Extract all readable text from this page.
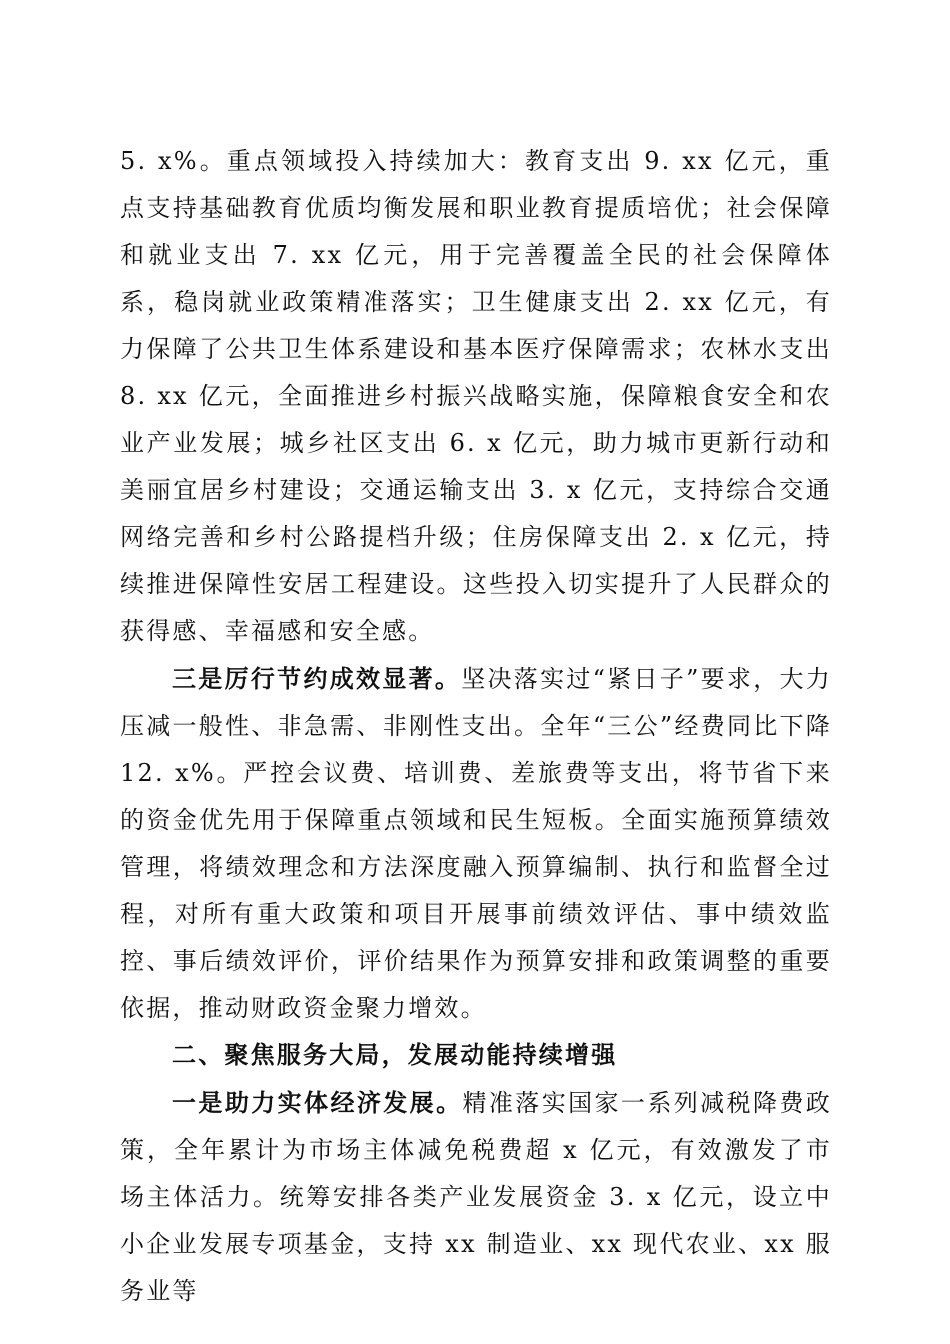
5. x%。重点领域投入持续加大：教育支出 9. xx 亿元，重点支持基础教育优质均衡发展和职业教育提质培优；社会保障和就业支出 7. xx 亿元，用于完善覆盖全民的社会保障体系，稳岗就业政策精准落实；卫生健康支出 2. xx 亿元，有力保障了公共卫生体系建设和基本医疗保障需求；农林水支出 8. xx 亿元，全面推进乡村振兴战略实施，保障粮食安全和农业产业发展；城乡社区支出 6. x 亿元，助力城市更新行动和美丽宜居乡村建设；交通运输支出 3. x 亿元，支持综合交通网络完善和乡村公路提档升级；住房保障支出 2. x 亿元，持续推进保障性安居工程建设。这些投入切实提升了人民群众的获得感、幸福感和安全感。

三是厉行节约成效显著。坚决落实过“紧日子”要求，大力压减一般性、非急需、非刚性支出。全年“三公”经费同比下降 12. x%。严控会议费、培训费、差旅费等支出，将节省下来的资金优先用于保障重点领域和民生短板。全面实施预算绩效管理，将绩效理念和方法深度融入预算编制、执行和监督全过程，对所有重大政策和项目开展事前绩效评估、事中绩效监控、事后绩效评价，评价结果作为预算安排和政策调整的重要依据，推动财政资金聚力增效。

二、聚焦服务大局，发展动能持续增强

一是助力实体经济发展。精准落实国家一系列减税降费政策，全年累计为市场主体减免税费超 x 亿元，有效激发了市场主体活力。统筹安排各类产业发展资金 3. x 亿元，设立中小企业发展专项基金，支持 xx 制造业、xx 现代农业、xx 服务业等
